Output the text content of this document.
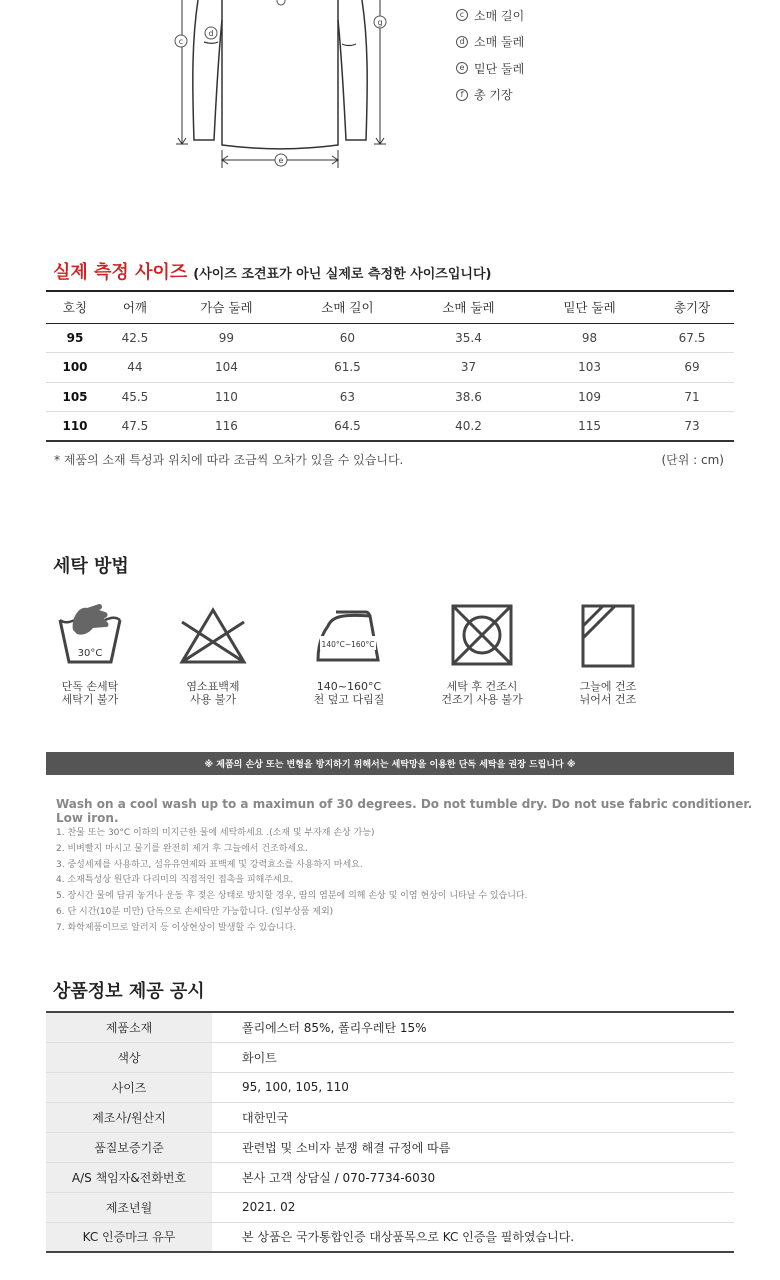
c
d
g
e
c 소매 길이
d 소매 둘레
e 밑단 둘레
f 총 기장
실제 측정 사이즈 (사이즈 조견표가 아닌 실제로 측정한 사이즈입니다)
호칭	어깨	가슴 둘레	소매 길이	소매 둘레	밑단 둘레	총기장
95	42.5	99	60	35.4	98	67.5
100	44	104	61.5	37	103	69
105	45.5	110	63	38.6	109	71
110	47.5	116	64.5	40.2	115	73
* 제품의 소재 특성과 위치에 따라 조금씩 오차가 있을 수 있습니다.	(단위 : cm)
세탁 방법
30°C
단독 손세탁
세탁기 불가
염소표백제
사용 불가
140°C~160°C
140~160°C
천 덮고 다림질
세탁 후 건조시
건조기 사용 불가
그늘에 건조
뉘어서 건조
※ 제품의 손상 또는 변형을 방지하기 위해서는 세탁망을 이용한 단독 세탁을 권장 드립니다 ※
Wash on a cool wash up to a maximun of 30 degrees. Do not tumble dry. Do not use fabric conditioner. Low iron.
1. 찬물 또는 30°C 이하의 미지근한 물에 세탁하세요 .(소재 및 부자재 손상 가능)
2. 비벼빨지 마시고 물기를 완전히 제거 후 그늘에서 건조하세요.
3. 중성세제를 사용하고, 섬유유연제와 표백제 및 강력효소를 사용하지 마세요.
4. 소재특성상 원단과 다리미의 직접적인 접촉을 피해주세요.
5. 장시간 물에 담궈 놓거나 운동 후 젖은 상태로 방치할 경우, 땀의 염분에 의해 손상 및 이염 현상이 니타날 수 있습니다.
6. 단 시간(10분 미만) 단독으로 손세탁만 가능합니다. (일부상품 제외)
7. 화학제품이므로 알러지 등 이상현상이 발생할 수 있습니다.
상품정보 제공 공시
제품소재	폴리에스터 85%, 폴리우레탄 15%
색상	화이트
사이즈	95, 100, 105, 110
제조사/원산지	대한민국
품질보증기준	관련법 및 소비자 분쟁 해결 규정에 따름
A/S 책임자&전화번호	본사 고객 상담실 / 070-7734-6030
제조년월	2021. 02
KC 인증마크 유무	본 상품은 국가통합인증 대상품목으로 KC 인증을 필하였습니다.
